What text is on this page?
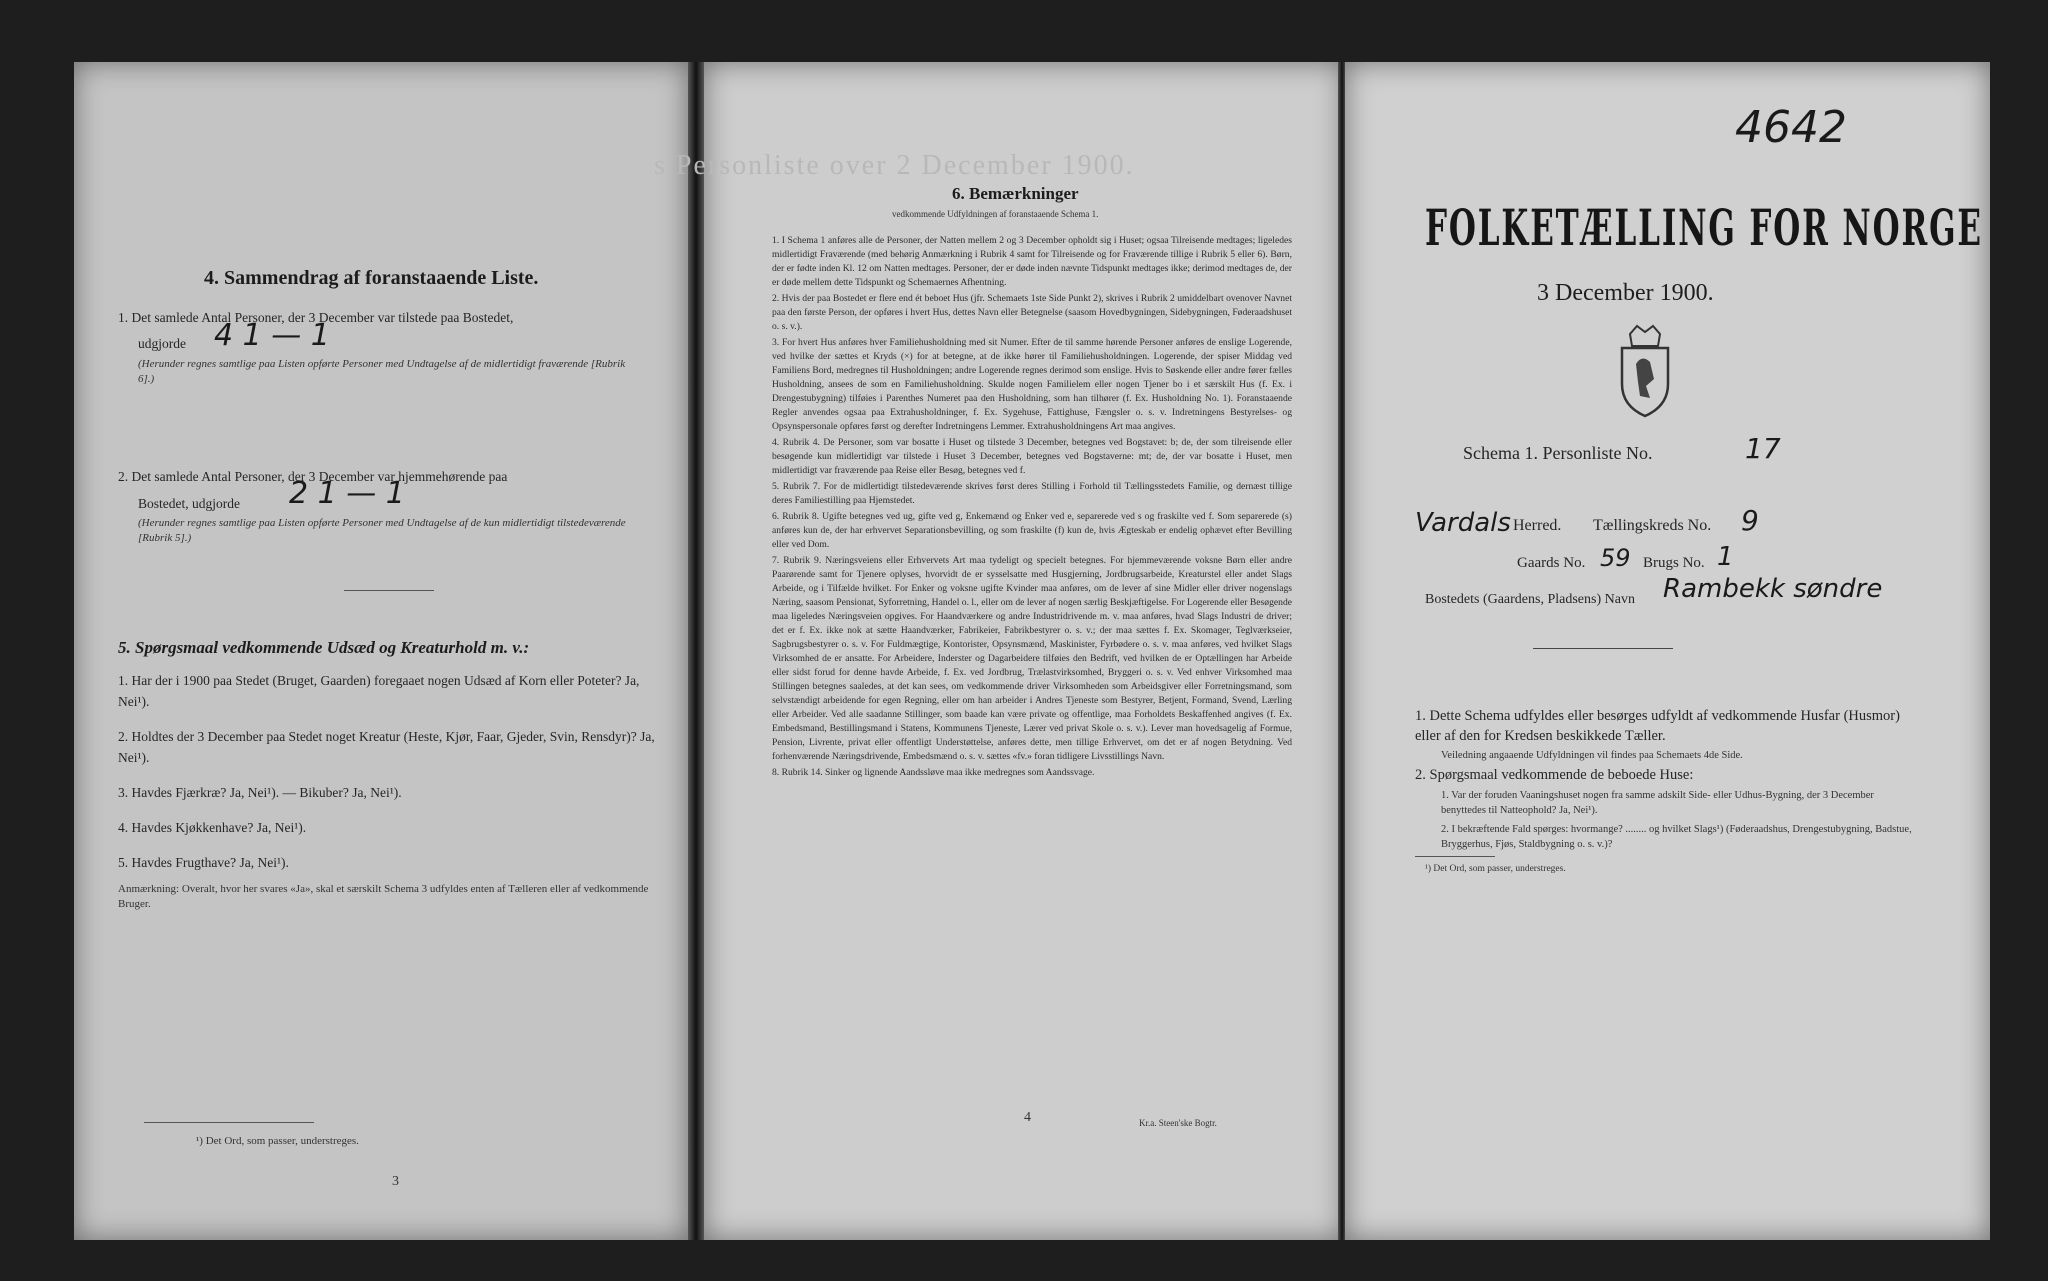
4. Sammendrag af foranstaaende Liste.
1. Det samlede Antal Personer, der 3 December var tilstede paa Bostedet,
udgjorde 4 1 — 1
(Herunder regnes samtlige paa Listen opførte Personer med Undtagelse af de midlertidigt fraværende [Rubrik 6].)
2. Det samlede Antal Personer, der 3 December var hjemmehørende paa
Bostedet, udgjorde 2 1 — 1
(Herunder regnes samtlige paa Listen opførte Personer med Undtagelse af de kun midlertidigt tilstedeværende [Rubrik 5].)
5. Spørgsmaal vedkommende Udsæd og Kreaturhold m. v.:
1. Har der i 1900 paa Stedet (Bruget, Gaarden) foregaaet nogen Udsæd af Korn eller Poteter? Ja, Nei¹).
2. Holdtes der 3 December paa Stedet noget Kreatur (Heste, Kjør, Faar, Gjeder, Svin, Rensdyr)? Ja, Nei¹).
3. Havdes Fjærkræ? Ja, Nei¹). — Bikuber? Ja, Nei¹).
4. Havdes Kjøkkenhave? Ja, Nei¹).
5. Havdes Frugthave? Ja, Nei¹).
Anmærkning: Overalt, hvor her svares «Ja», skal et særskilt Schema 3 udfyldes enten af Tælleren eller af vedkommende Bruger.
¹) Det Ord, som passer, understreges.
3
s Personliste over 2 December 1900.
6. Bemærkninger
vedkommende Udfyldningen af foranstaaende Schema 1.
1. I Schema 1 anføres alle de Personer, der Natten mellem 2 og 3 December opholdt sig i Huset; ogsaa Tilreisende medtages; ligeledes midlertidigt Fraværende (med behørig Anmærkning i Rubrik 4 samt for Tilreisende og for Fraværende tillige i Rubrik 5 eller 6). Børn, der er fødte inden Kl. 12 om Natten medtages. Personer, der er døde inden nævnte Tidspunkt medtages ikke; derimod medtages de, der er døde mellem dette Tidspunkt og Schemaernes Afhentning.
2. Hvis der paa Bostedet er flere end ét beboet Hus (jfr. Schemaets 1ste Side Punkt 2), skrives i Rubrik 2 umiddelbart ovenover Navnet paa den første Person, der opføres i hvert Hus, dettes Navn eller Betegnelse (saasom Hovedbygningen, Sidebygningen, Føderaadshuset o. s. v.).
3. For hvert Hus anføres hver Familiehusholdning med sit Numer. Efter de til samme hørende Personer anføres de enslige Logerende, ved hvilke der sættes et Kryds (×) for at betegne, at de ikke hører til Familiehusholdningen. Logerende, der spiser Middag ved Familiens Bord, medregnes til Husholdningen; andre Logerende regnes derimod som enslige. Hvis to Søskende eller andre fører fælles Husholdning, ansees de som en Familiehusholdning. Skulde nogen Familielem eller nogen Tjener bo i et særskilt Hus (f. Ex. i Drengestubygning) tilføies i Parenthes Numeret paa den Husholdning, som han tilhører (f. Ex. Husholdning No. 1). Foranstaaende Regler anvendes ogsaa paa Extrahusholdninger, f. Ex. Sygehuse, Fattighuse, Fængsler o. s. v. Indretningens Bestyrelses- og Opsynspersonale opføres først og derefter Indretningens Lemmer. Extrahusholdningens Art maa angives.
4. Rubrik 4. De Personer, som var bosatte i Huset og tilstede 3 December, betegnes ved Bogstavet: b; de, der som tilreisende eller besøgende kun midlertidigt var tilstede i Huset 3 December, betegnes ved Bogstaverne: mt; de, der var bosatte i Huset, men midlertidigt var fraværende paa Reise eller Besøg, betegnes ved f.
5. Rubrik 7. For de midlertidigt tilstedeværende skrives først deres Stilling i Forhold til Tællingsstedets Familie, og dernæst tillige deres Familiestilling paa Hjemstedet.
6. Rubrik 8. Ugifte betegnes ved ug, gifte ved g, Enkemænd og Enker ved e, separerede ved s og fraskilte ved f. Som separerede (s) anføres kun de, der har erhvervet Separationsbevilling, og som fraskilte (f) kun de, hvis Ægteskab er endelig ophævet efter Bevilling eller ved Dom.
7. Rubrik 9. Næringsveiens eller Erhvervets Art maa tydeligt og specielt betegnes. For hjemmeværende voksne Børn eller andre Paarørende samt for Tjenere oplyses, hvorvidt de er sysselsatte med Husgjerning, Jordbrugsarbeide, Kreaturstel eller andet Slags Arbeide, og i Tilfælde hvilket. For Enker og voksne ugifte Kvinder maa anføres, om de lever af sine Midler eller driver nogenslags Næring, saasom Pensionat, Syforretning, Handel o. l., eller om de lever af nogen særlig Beskjæftigelse. For Logerende eller Besøgende maa ligeledes Næringsveien opgives. For Haandværkere og andre Industridrivende m. v. maa anføres, hvad Slags Industri de driver; det er f. Ex. ikke nok at sætte Haandværker, Fabrikeier, Fabrikbestyrer o. s. v.; der maa sættes f. Ex. Skomager, Teglværkseier, Sagbrugsbestyrer o. s. v. For Fuldmægtige, Kontorister, Opsynsmænd, Maskinister, Fyrbødere o. s. v. maa anføres, ved hvilket Slags Virksomhed de er ansatte. For Arbeidere, Inderster og Dagarbeidere tilføies den Bedrift, ved hvilken de er Optællingen har Arbeide eller sidst forud for denne havde Arbeide, f. Ex. ved Jordbrug, Trælastvirksomhed, Bryggeri o. s. v. Ved enhver Virksomhed maa Stillingen betegnes saaledes, at det kan sees, om vedkommende driver Virksomheden som Arbeidsgiver eller Forretningsmand, som selvstændigt arbeidende for egen Regning, eller om han arbeider i Andres Tjeneste som Bestyrer, Betjent, Formand, Svend, Lærling eller Arbeider. Ved alle saadanne Stillinger, som baade kan være private og offentlige, maa Forholdets Beskaffenhed angives (f. Ex. Embedsmand, Bestillingsmand i Statens, Kommunens Tjeneste, Lærer ved privat Skole o. s. v.). Lever man hovedsagelig af Formue, Pension, Livrente, privat eller offentligt Understøttelse, anføres dette, men tillige Erhvervet, om det er af nogen Betydning. Ved forhenværende Næringsdrivende, Embedsmænd o. s. v. sættes «fv.» foran tidligere Livsstillings Navn.
8. Rubrik 14. Sinker og lignende Aandssløve maa ikke medregnes som Aandssvage.
4	Kr.a. Steen'ske Bogtr.
4642
FOLKETÆLLING FOR NORGE
3 December 1900.
Schema 1. Personliste No.	17
Vardals Herred. Tællingskreds No. 9
Gaards No. 59 Brugs No. 1
Bostedets (Gaardens, Pladsens) Navn Rambekk søndre
1. Dette Schema udfyldes eller besørges udfyldt af vedkommende Husfar (Husmor) eller af den for Kredsen beskikkede Tæller.
Veiledning angaaende Udfyldningen vil findes paa Schemaets 4de Side.
2. Spørgsmaal vedkommende de beboede Huse:
1. Var der foruden Vaaningshuset nogen fra samme adskilt Side- eller Udhus-Bygning, der 3 December benyttedes til Natteophold? Ja, Nei¹).
2. I bekræftende Fald spørges: hvormange? ........ og hvilket Slags¹) (Føderaadshus, Drengestubygning, Badstue, Bryggerhus, Fjøs, Staldbygning o. s. v.)?
¹) Det Ord, som passer, understreges.
